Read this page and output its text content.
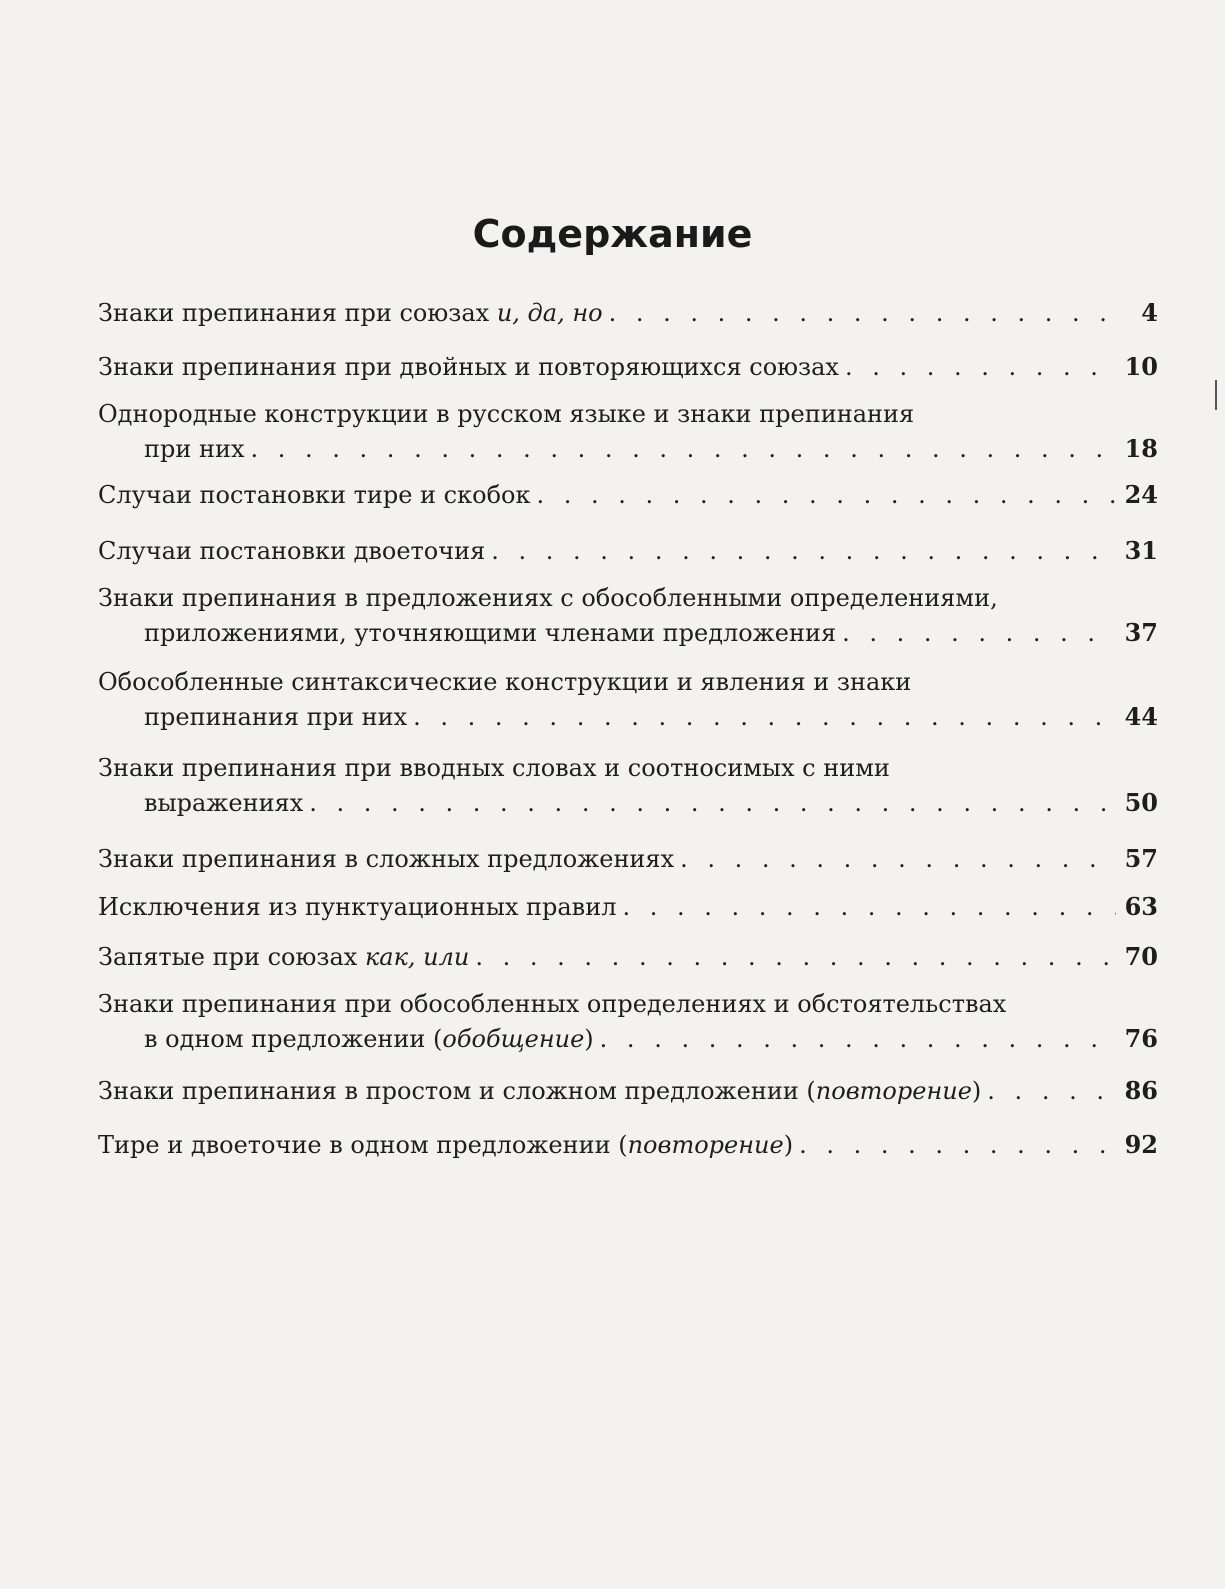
Содержание
Знаки препинания при союзах и, да, но . . .	4
Знаки препинания при двойных и повторяющихся союзах . . .	10
Однородные конструкции в русском языке и знаки препинания
при них . . .	18
Случаи постановки тире и скобок . . .	24
Случаи постановки двоеточия . . .	31
Знаки препинания в предложениях с обособленными определениями,
приложениями, уточняющими членами предложения . . .	37
Обособленные синтаксические конструкции и явления и знаки
препинания при них . . .	44
Знаки препинания при вводных словах и соотносимых с ними
выражениях . . .	50
Знаки препинания в сложных предложениях . . .	57
Исключения из пунктуационных правил . . .	63
Запятые при союзах как, или . . .	70
Знаки препинания при обособленных определениях и обстоятельствах
в одном предложении (обобщение) . . .	76
Знаки препинания в простом и сложном предложении (повторение) . . .	86
Тире и двоеточие в одном предложении (повторение) . . .	92
